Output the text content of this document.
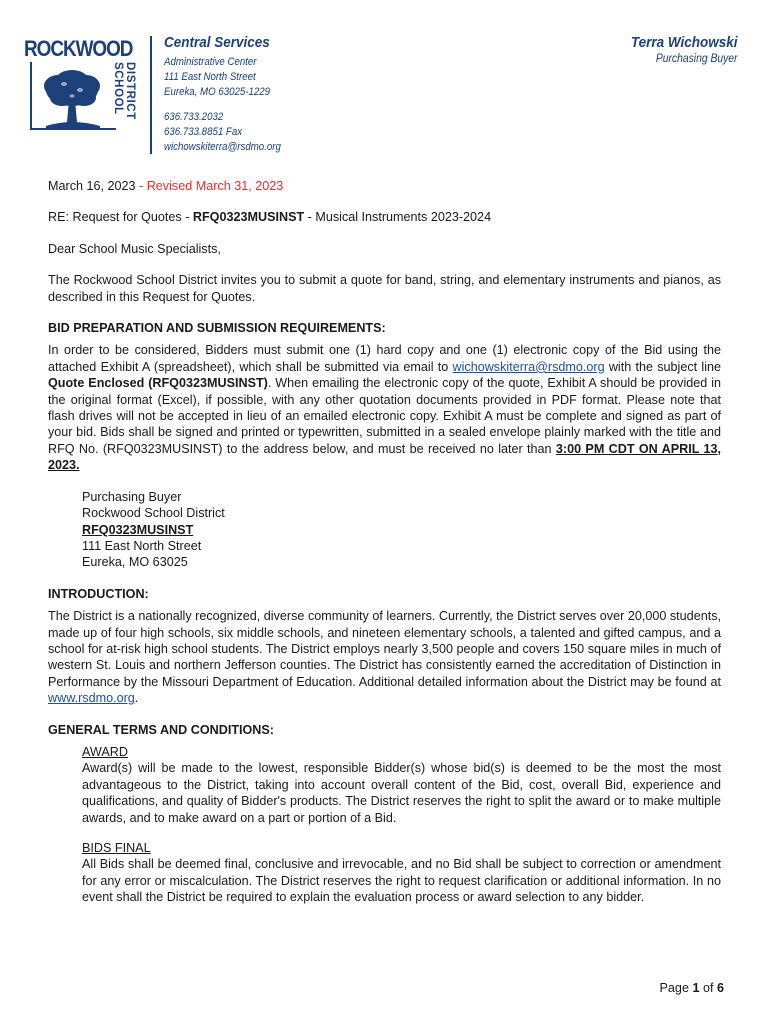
ROCKWOOD
SCHOOL DISTRICT
Central Services
Administrative Center
111 East North Street
Eureka, MO 63025-1229
636.733.2032
636.733.8851 Fax
wichowskiterra@rsdmo.org
Terra Wichowski
Purchasing Buyer

March 16, 2023 - Revised March 31, 2023

RE: Request for Quotes - RFQ0323MUSINST - Musical Instruments 2023-2024

Dear School Music Specialists,

The Rockwood School District invites you to submit a quote for band, string, and elementary instruments and pianos, as described in this Request for Quotes.

BID PREPARATION AND SUBMISSION REQUIREMENTS:

In order to be considered, Bidders must submit one (1) hard copy and one (1) electronic copy of the Bid using the attached Exhibit A (spreadsheet), which shall be submitted via email to wichowskiterra@rsdmo.org with the subject line Quote Enclosed (RFQ0323MUSINST). When emailing the electronic copy of the quote, Exhibit A should be provided in the original format (Excel), if possible, with any other quotation documents provided in PDF format. Please note that flash drives will not be accepted in lieu of an emailed electronic copy. Exhibit A must be complete and signed as part of your bid. Bids shall be signed and printed or typewritten, submitted in a sealed envelope plainly marked with the title and RFQ No. (RFQ0323MUSINST) to the address below, and must be received no later than 3:00 PM CDT ON APRIL 13, 2023.

Purchasing Buyer
Rockwood School District
RFQ0323MUSINST
111 East North Street
Eureka, MO 63025

INTRODUCTION:

The District is a nationally recognized, diverse community of learners. Currently, the District serves over 20,000 students, made up of four high schools, six middle schools, and nineteen elementary schools, a talented and gifted campus, and a school for at-risk high school students. The District employs nearly 3,500 people and covers 150 square miles in much of western St. Louis and northern Jefferson counties. The District has consistently earned the accreditation of Distinction in Performance by the Missouri Department of Education. Additional detailed information about the District may be found at www.rsdmo.org.

GENERAL TERMS AND CONDITIONS:

AWARD
Award(s) will be made to the lowest, responsible Bidder(s) whose bid(s) is deemed to be the most the most advantageous to the District, taking into account overall content of the Bid, cost, overall Bid, experience and qualifications, and quality of Bidder's products. The District reserves the right to split the award or to make multiple awards, and to make award on a part or portion of a Bid.
BIDS FINAL
All Bids shall be deemed final, conclusive and irrevocable, and no Bid shall be subject to correction or amendment for any error or miscalculation. The District reserves the right to request clarification or additional information. In no event shall the District be required to explain the evaluation process or award selection to any bidder.
Page 1 of 6
